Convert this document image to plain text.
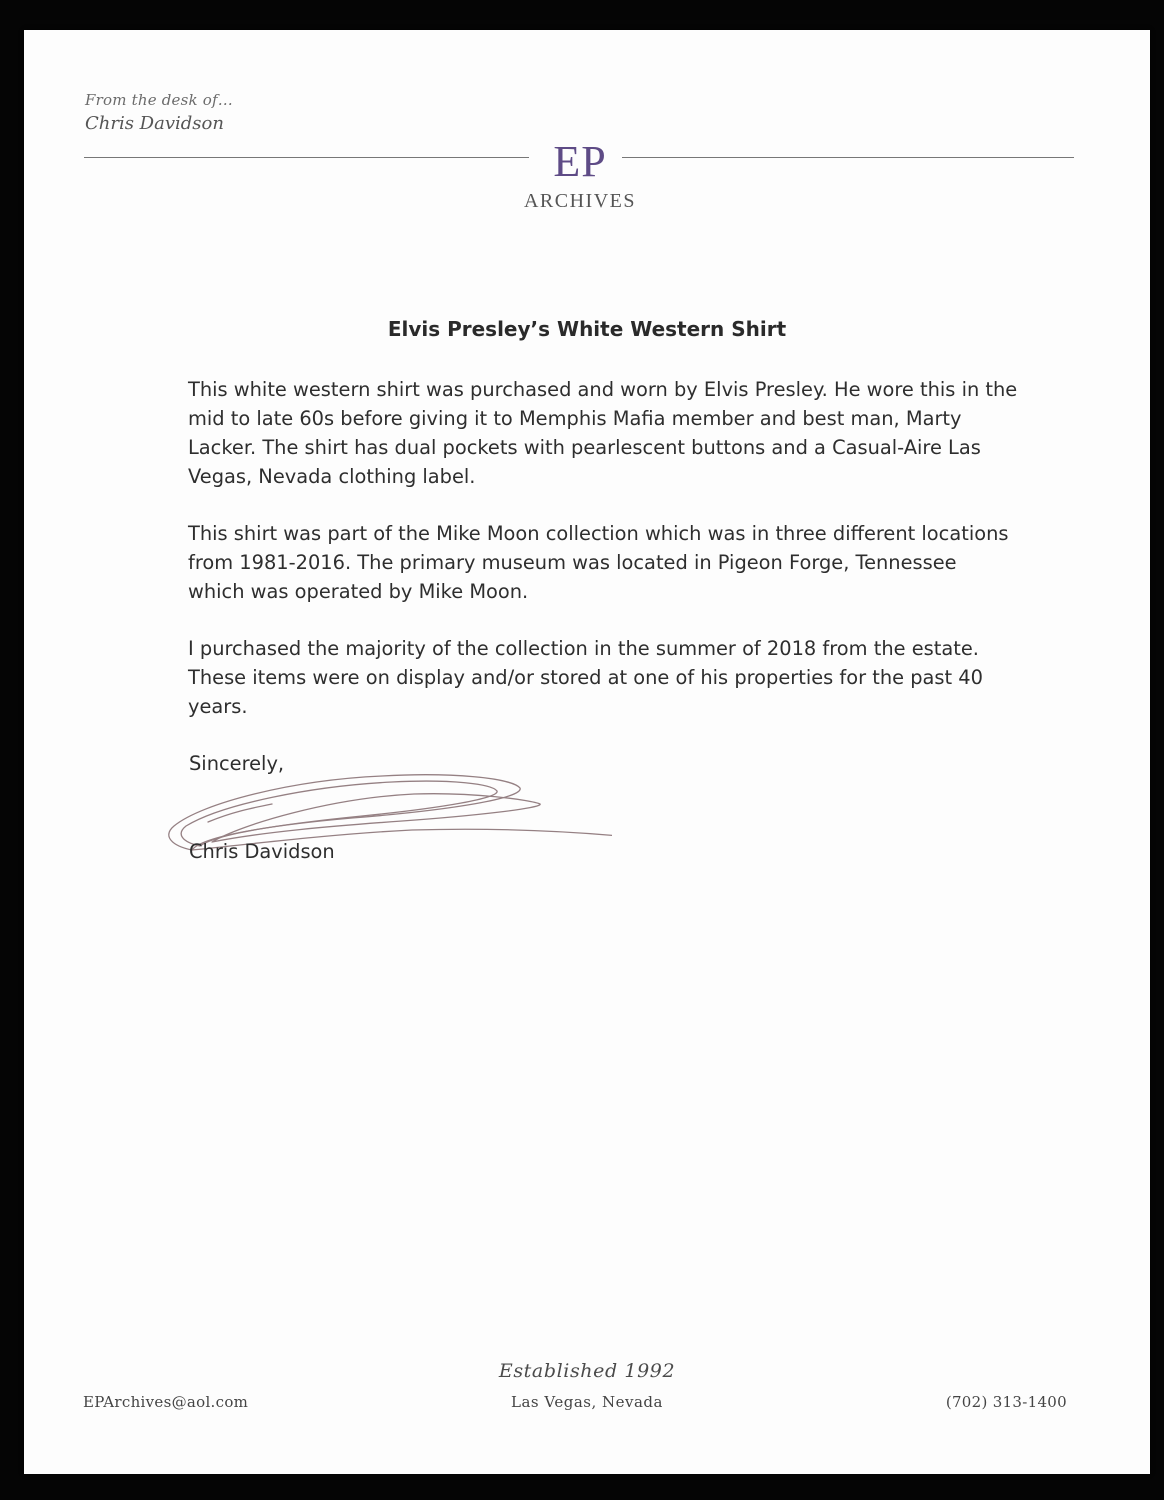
From the desk of…
Chris Davidson
EP
ARCHIVES
Elvis Presley’s White Western Shirt

This white western shirt was purchased and worn by Elvis Presley. He wore this in the mid to late 60s before giving it to Memphis Mafia member and best man, Marty Lacker. The shirt has dual pockets with pearlescent buttons and a Casual-Aire Las Vegas, Nevada clothing label.

This shirt was part of the Mike Moon collection which was in three different locations from 1981-2016. The primary museum was located in Pigeon Forge, Tennessee which was operated by Mike Moon.

I purchased the majority of the collection in the summer of 2018 from the estate. These items were on display and/or stored at one of his properties for the past 40 years.

Sincerely,
Chris Davidson
Established 1992
Las Vegas, Nevada
EPArchives@aol.com	(702) 313-1400
